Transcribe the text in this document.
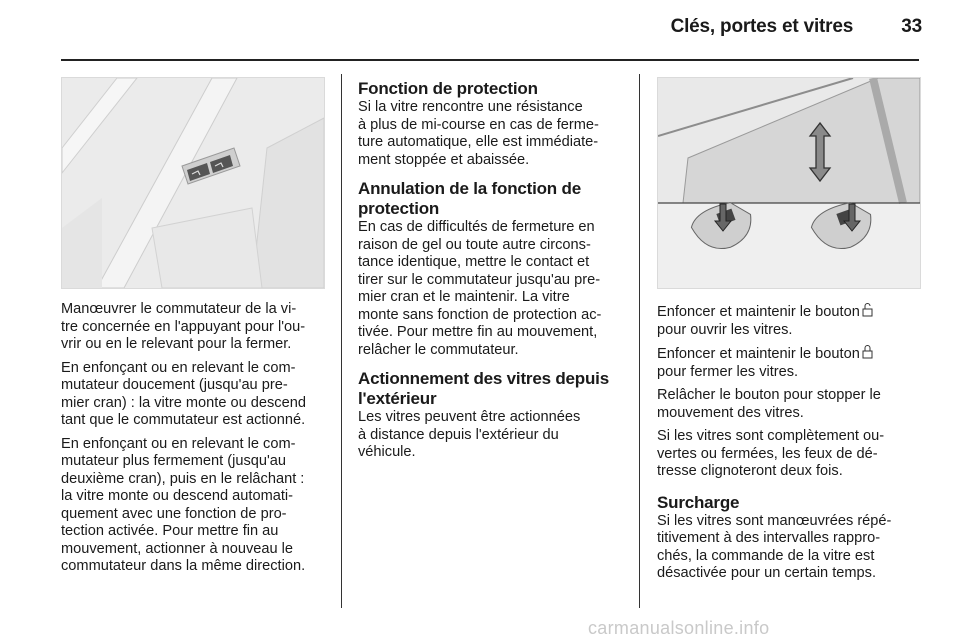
Clés, portes et vitres	33

Manœuvrer le commutateur de la vi-
tre concernée en l'appuyant pour l'ou-
vrir ou en le relevant pour la fermer.

En enfonçant ou en relevant le com-
mutateur doucement (jusqu'au pre-
mier cran) : la vitre monte ou descend
tant que le commutateur est actionné.

En enfonçant ou en relevant le com-
mutateur plus fermement (jusqu'au
deuxième cran), puis en le relâchant :
la vitre monte ou descend automati-
quement avec une fonction de pro-
tection activée. Pour mettre fin au
mouvement, actionner à nouveau le
commutateur dans la même direction.

Fonction de protection

Si la vitre rencontre une résistance
à plus de mi-course en cas de ferme-
ture automatique, elle est immédiate-
ment stoppée et abaissée.

Annulation de la fonction de
protection

En cas de difficultés de fermeture en
raison de gel ou toute autre circons-
tance identique, mettre le contact et
tirer sur le commutateur jusqu'au pre-
mier cran et le maintenir. La vitre
monte sans fonction de protection ac-
tivée. Pour mettre fin au mouvement,
relâcher le commutateur.

Actionnement des vitres depuis
l'extérieur

Les vitres peuvent être actionnées
à distance depuis l'extérieur du
véhicule.

Enfoncer et maintenir le bouton
pour ouvrir les vitres.

Enfoncer et maintenir le bouton
pour fermer les vitres.

Relâcher le bouton pour stopper le
mouvement des vitres.

Si les vitres sont complètement ou-
vertes ou fermées, les feux de dé-
tresse clignoteront deux fois.

Surcharge

Si les vitres sont manœuvrées répé-
titivement à des intervalles rappro-
chés, la commande de la vitre est
désactivée pour un certain temps.

carmanualsonline.info
